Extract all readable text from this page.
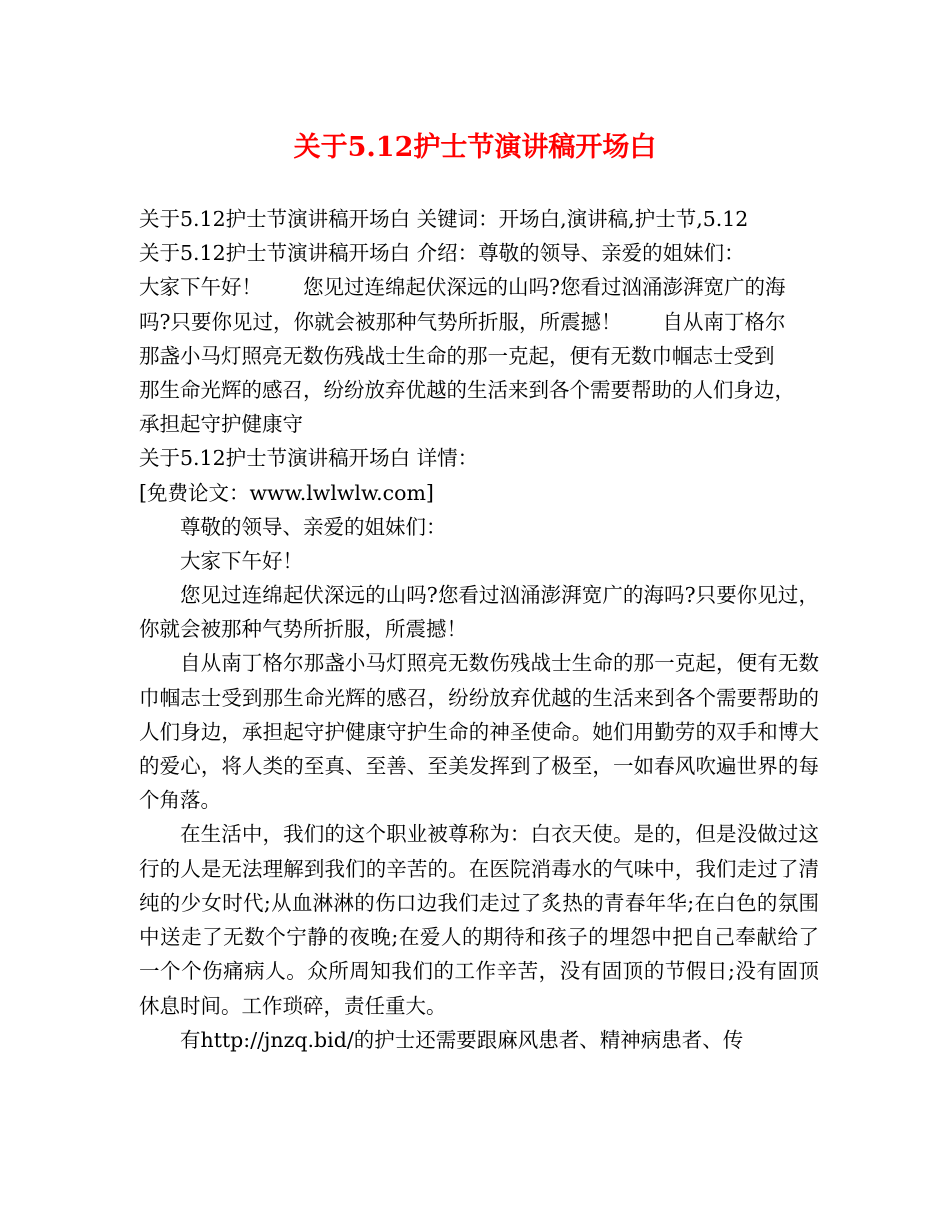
关于5.12护士节演讲稿开场白
关于5.12护士节演讲稿开场白 关键词：开场白,演讲稿,护士节,5.12
关于5.12护士节演讲稿开场白 介绍：尊敬的领导、亲爱的姐妹们：
大家下午好！　　您见过连绵起伏深远的山吗?您看过汹涌澎湃宽广的海
吗?只要你见过，你就会被那种气势所折服，所震撼！　　自从南丁格尔
那盏小马灯照亮无数伤残战士生命的那一克起，便有无数巾帼志士受到
那生命光辉的感召，纷纷放弃优越的生活来到各个需要帮助的人们身边，
承担起守护健康守
关于5.12护士节演讲稿开场白 详情：
[免费论文：www.lwlwlw.com]
尊敬的领导、亲爱的姐妹们：
大家下午好！

您见过连绵起伏深远的山吗?您看过汹涌澎湃宽广的海吗?只要你见过，你就会被那种气势所折服，所震撼！

自从南丁格尔那盏小马灯照亮无数伤残战士生命的那一克起，便有无数巾帼志士受到那生命光辉的感召，纷纷放弃优越的生活来到各个需要帮助的人们身边，承担起守护健康守护生命的神圣使命。她们用勤劳的双手和博大的爱心，将人类的至真、至善、至美发挥到了极至，一如春风吹遍世界的每个角落。

在生活中，我们的这个职业被尊称为：白衣天使。是的，但是没做过这行的人是无法理解到我们的辛苦的。在医院消毒水的气味中，我们走过了清纯的少女时代;从血淋淋的伤口边我们走过了炙热的青春年华;在白色的氛围中送走了无数个宁静的夜晚;在爱人的期待和孩子的埋怨中把自己奉献给了一个个伤痛病人。众所周知我们的工作辛苦，没有固顶的节假日;没有固顶休息时间。工作琐碎，责任重大。

有http://jnzq.bid/的护士还需要跟麻风患者、精神病患者、传
